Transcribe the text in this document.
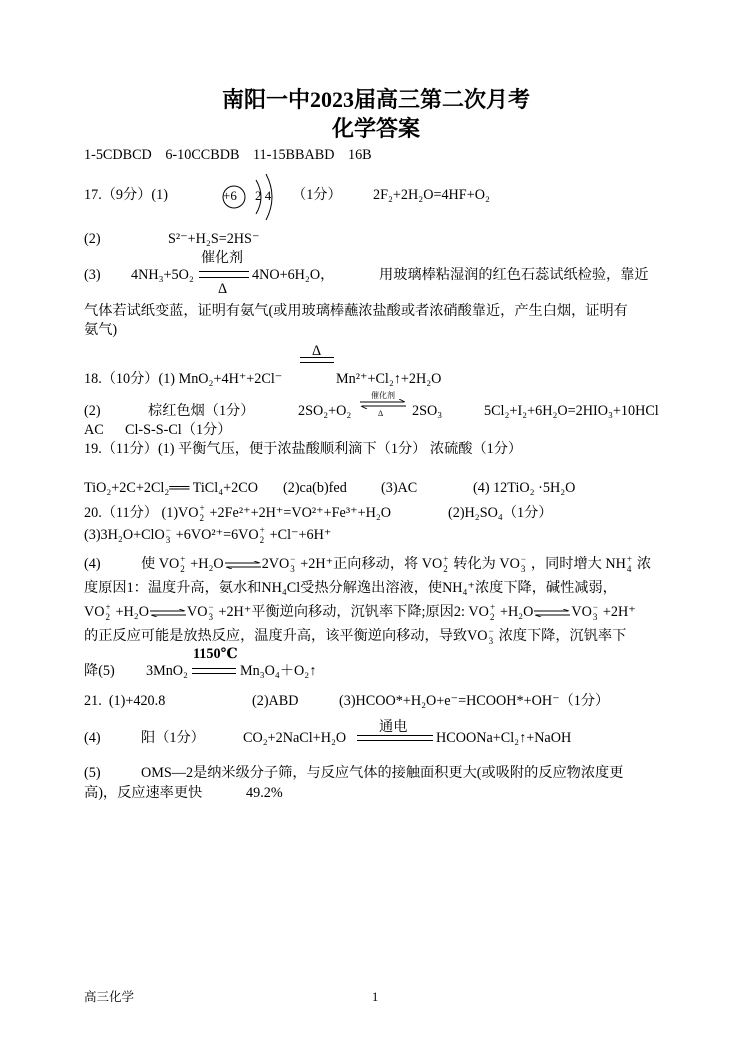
南阳一中2023届高三第二次月考
化学答案
1-5CDBCD 6-10CCBDB 11-15BBABD 16B
17.（9分）(1)	+6 2 4 （1分） 2F₂+2H₂O=4HF+O₂
(2)	S²⁻+H₂S=2HS⁻
催化剂
(3) 4NH₃+5O₂
Δ
4NO+6H₂O，	用玻璃棒粘湿润的红色石蕊试纸检验，靠近
气体若试纸变蓝，证明有氨气(或用玻璃棒蘸浓盐酸或者浓硝酸靠近，产生白烟，证明有
氨气)
Δ
18.（10分）(1) MnO₂+4H⁺+2Cl⁻	Mn²⁺+Cl₂↑+2H₂O
(2)	棕红色烟（1分）	2SO₂+O₂
催化剂
Δ 2SO₃	5Cl₂+I₂+6H₂O=2HIO₃+10HCl
AC      Cl-S-S-Cl（1分）
19.（11分）(1) 平衡气压，便于浓盐酸顺利滴下（1分） 浓硫酸（1分）
TiO₂+2C+2Cl₂══ TiCl₄+2CO (2)ca(b)fed (3)AC	(4) 12TiO₂ ·5H₂O
20.（11分） (1)VO +
2 +2Fe²⁺+2H⁺=VO²⁺+Fe³⁺+H₂O	(2)H₂SO₄（1分）
(3)3H₂O+ClO −
3 +6VO²⁺=6VO +
2 +Cl⁻+6H⁺
(4)	使 VO +
2 +H₂O⇌2VO −
3 +2H⁺正向移动，将 VO +
2 转化为 VO −
3 ，同时增大 NH +
4 浓
度原因1：温度升高，氨水和NH₄Cl受热分解逸出溶液，使NH₄⁺浓度下降，碱性减弱，
VO +
2 +H₂O⇌VO −
3 +2H⁺平衡逆向移动，沉钒率下降;原因2: VO +
2 +H₂O⇌VO −
3 +2H⁺
的正反应可能是放热反应，温度升高，该平衡逆向移动，导致VO −
3 浓度下降，沉钒率下
1150℃
降(5) 3MnO₂	Mn₃O₄＋O₂↑
21.  (1)+420.8	(2)ABD	(3)HCOO*+H₂O+e⁻=HCOOH*+OH⁻（1分）
通电
(4)	阳（1分）	CO₂+2NaCl+H₂O	HCOONa+Cl₂↑+NaOH
(5)	OMS—2是纳米级分子筛，与反应气体的接触面积更大(或吸附的反应物浓度更
高)，反应速率更快	49.2%
高三化学	1
